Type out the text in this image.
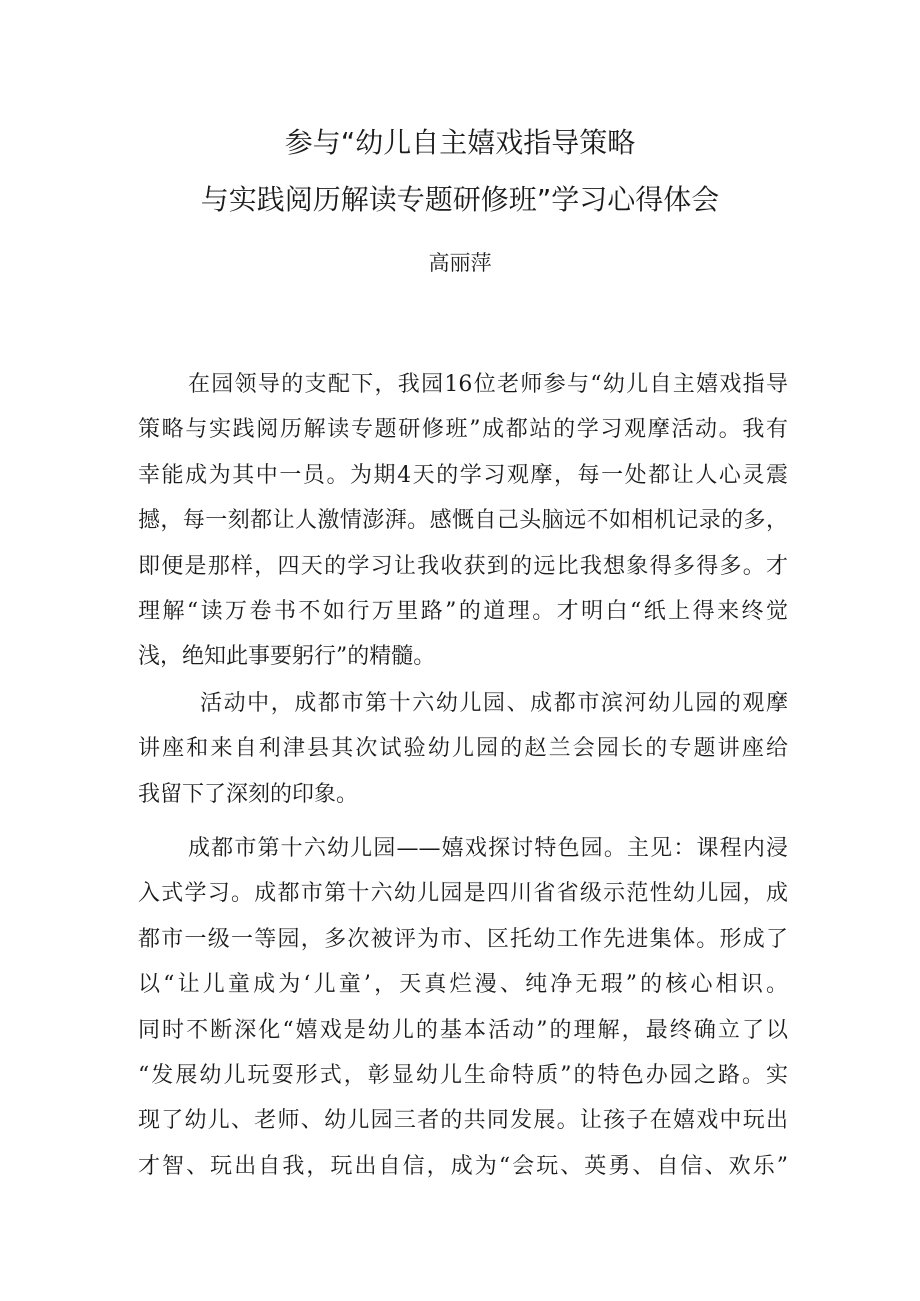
参与“幼儿自主嬉戏指导策略
与实践阅历解读专题研修班”学习心得体会
高丽萍
在园领导的支配下，我园16位老师参与“幼儿自主嬉戏指导
策略与实践阅历解读专题研修班”成都站的学习观摩活动。我有
幸能成为其中一员。为期4天的学习观摩，每一处都让人心灵震
撼，每一刻都让人激情澎湃。感慨自己头脑远不如相机记录的多，
即便是那样，四天的学习让我收获到的远比我想象得多得多。才
理解“读万卷书不如行万里路”的道理。才明白“纸上得来终觉
浅，绝知此事要躬行”的精髓。
活动中，成都市第十六幼儿园、成都市滨河幼儿园的观摩
讲座和来自利津县其次试验幼儿园的赵兰会园长的专题讲座给
我留下了深刻的印象。
成都市第十六幼儿园——嬉戏探讨特色园。主见：课程内浸
入式学习。成都市第十六幼儿园是四川省省级示范性幼儿园，成
都市一级一等园，多次被评为市、区托幼工作先进集体。形成了
以“让儿童成为‘儿童’，天真烂漫、纯净无瑕”的核心相识。
同时不断深化“嬉戏是幼儿的基本活动”的理解，最终确立了以
“发展幼儿玩耍形式，彰显幼儿生命特质”的特色办园之路。实
现了幼儿、老师、幼儿园三者的共同发展。让孩子在嬉戏中玩出
才智、玩出自我，玩出自信，成为“会玩、英勇、自信、欢乐”
